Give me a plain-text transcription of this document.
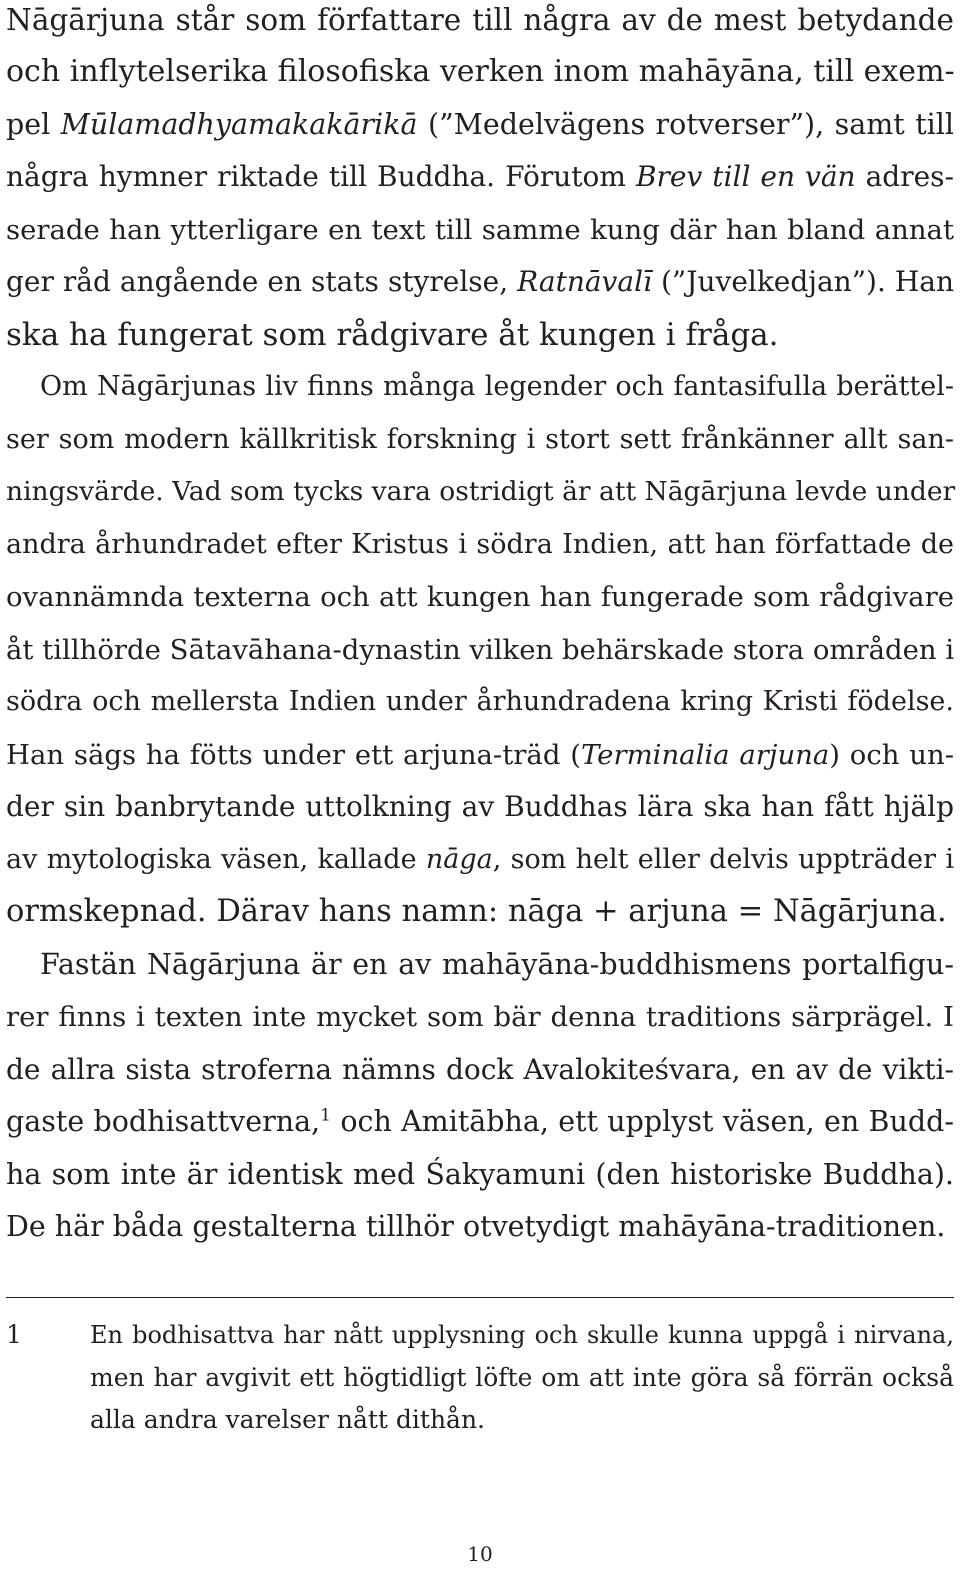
Nāgārjuna står som författare till några av de mest betydande
och inflytelserika filosofiska verken inom mahāyāna, till exem-
pel Mūlamadhyamakakārikā (”Medelvägens rotverser”), samt till
några hymner riktade till Buddha. Förutom Brev till en vän adres-
serade han ytterligare en text till samme kung där han bland annat
ger råd angående en stats styrelse, Ratnāvalī (”Juvelkedjan”). Han
ska ha fungerat som rådgivare åt kungen i fråga.
Om Nāgārjunas liv finns många legender och fantasifulla berättel-
ser som modern källkritisk forskning i stort sett frånkänner allt san-
ningsvärde. Vad som tycks vara ostridigt är att Nāgārjuna levde under
andra århundradet efter Kristus i södra Indien, att han författade de
ovannämnda texterna och att kungen han fungerade som rådgivare
åt tillhörde Sātavāhana-dynastin vilken behärskade stora områden i
södra och mellersta Indien under århundradena kring Kristi födelse.
Han sägs ha fötts under ett arjuna-träd (Terminalia arjuna) och un-
der sin banbrytande uttolkning av Buddhas lära ska han fått hjälp
av mytologiska väsen, kallade nāga, som helt eller delvis uppträder i
ormskepnad. Därav hans namn: nāga + arjuna = Nāgārjuna.
Fastän Nāgārjuna är en av mahāyāna-buddhismens portalfigu-
rer finns i texten inte mycket som bär denna traditions särprägel. I
de allra sista stroferna nämns dock Avalokiteśvara, en av de vikti-
gaste bodhisattverna,$^1$ och Amitābha, ett upplyst väsen, en Budd-
ha som inte är identisk med Śakyamuni (den historiske Buddha).
De här båda gestalterna tillhör otvetydigt mahāyāna-traditionen.
1	En bodhisattva har nått upplysning och skulle kunna uppgå i nirvana,
men har avgivit ett högtidligt löfte om att inte göra så förrän också
alla andra varelser nått dithån.
10
